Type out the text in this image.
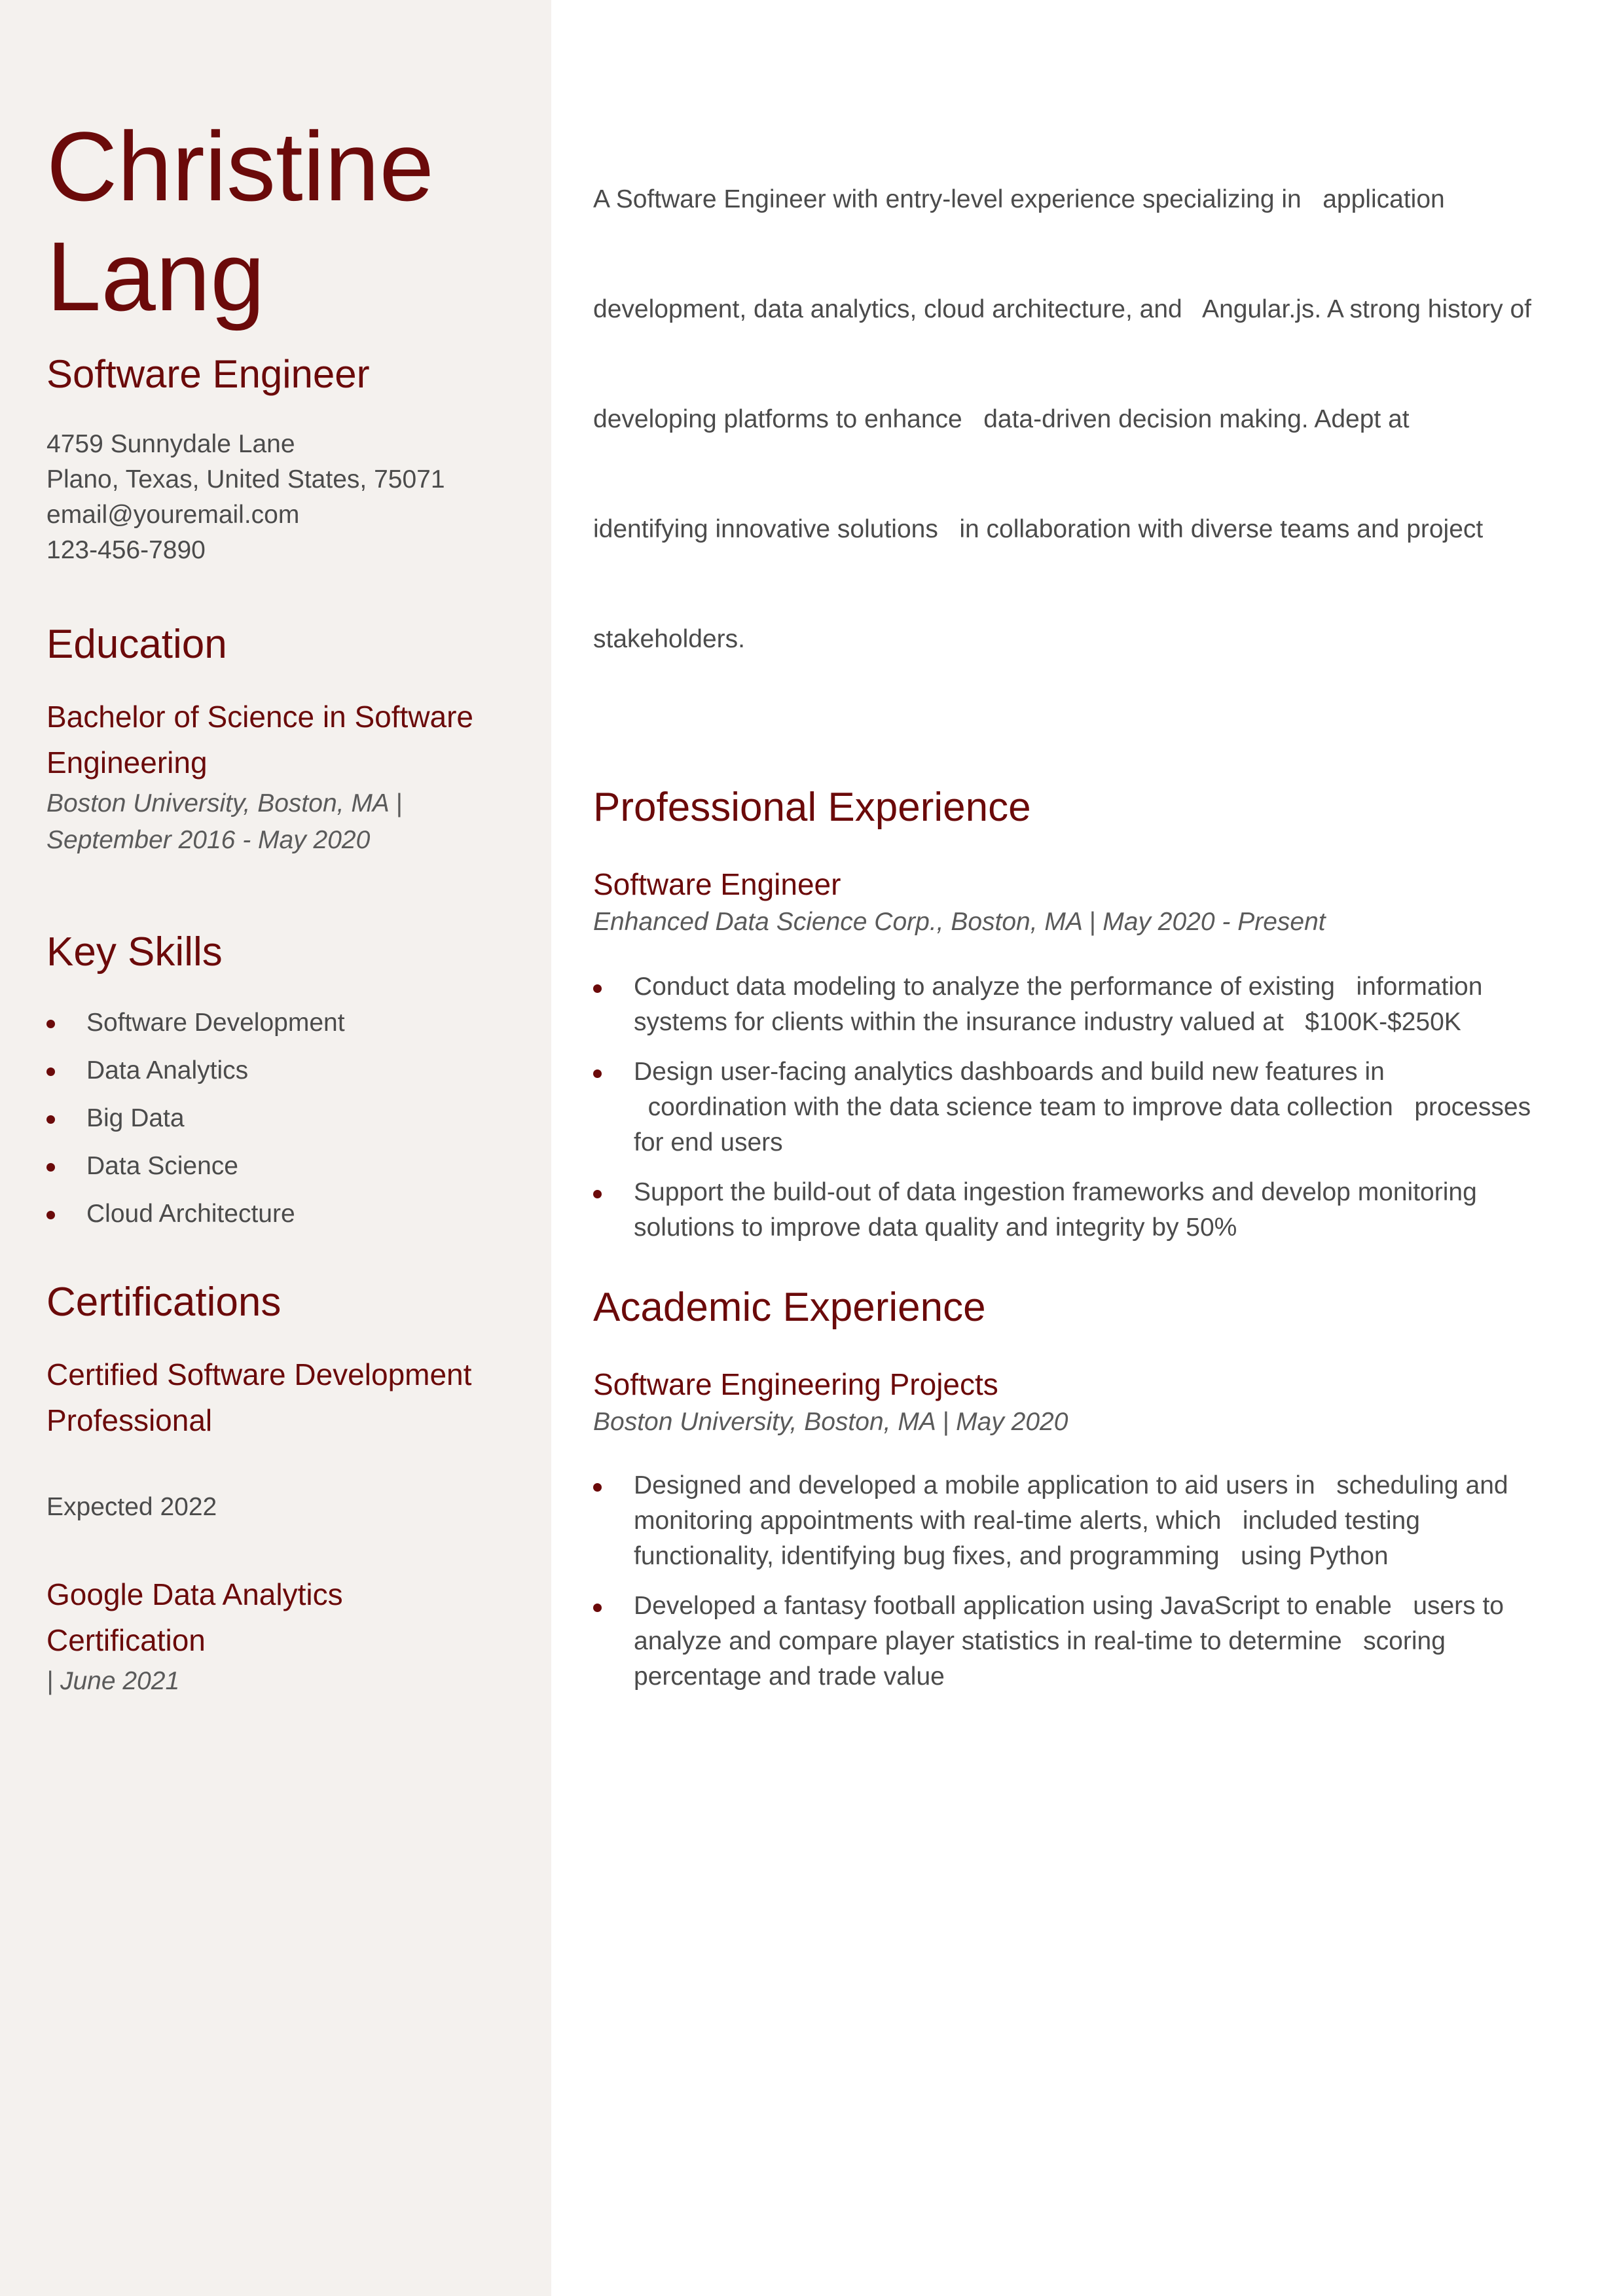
Christine
Lang
Software Engineer
4759 Sunnydale Lane
Plano, Texas, United States, 75071
email@youremail.com
123-456-7890
Education
Bachelor of Science in Software
Engineering
Boston University, Boston, MA |
September 2016 - May 2020
Key Skills
Software Development
Data Analytics
Big Data
Data Science
Cloud Architecture
Certifications
Certified Software Development
Professional
Expected 2022
Google Data Analytics
Certification
| June 2021

A Software Engineer with entry-level experience specializing in   application

development, data analytics, cloud architecture, and   Angular.js. A strong history of

developing platforms to enhance   data-driven decision making. Adept at

identifying innovative solutions   in collaboration with diverse teams and project

stakeholders.

Professional Experience
Software Engineer
Enhanced Data Science Corp., Boston, MA | May 2020 - Present
Conduct data modeling to analyze the performance of existing   information
systems for clients within the insurance industry valued at   $100K-$250K
Design user-facing analytics dashboards and build new features in
coordination with the data science team to improve data collection   processes
for end users
Support the build-out of data ingestion frameworks and develop monitoring
solutions to improve data quality and integrity by 50%
Academic Experience
Software Engineering Projects
Boston University, Boston, MA | May 2020
Designed and developed a mobile application to aid users in   scheduling and
monitoring appointments with real-time alerts, which   included testing
functionality, identifying bug fixes, and programming   using Python
Developed a fantasy football application using JavaScript to enable   users to
analyze and compare player statistics in real-time to determine   scoring
percentage and trade value
